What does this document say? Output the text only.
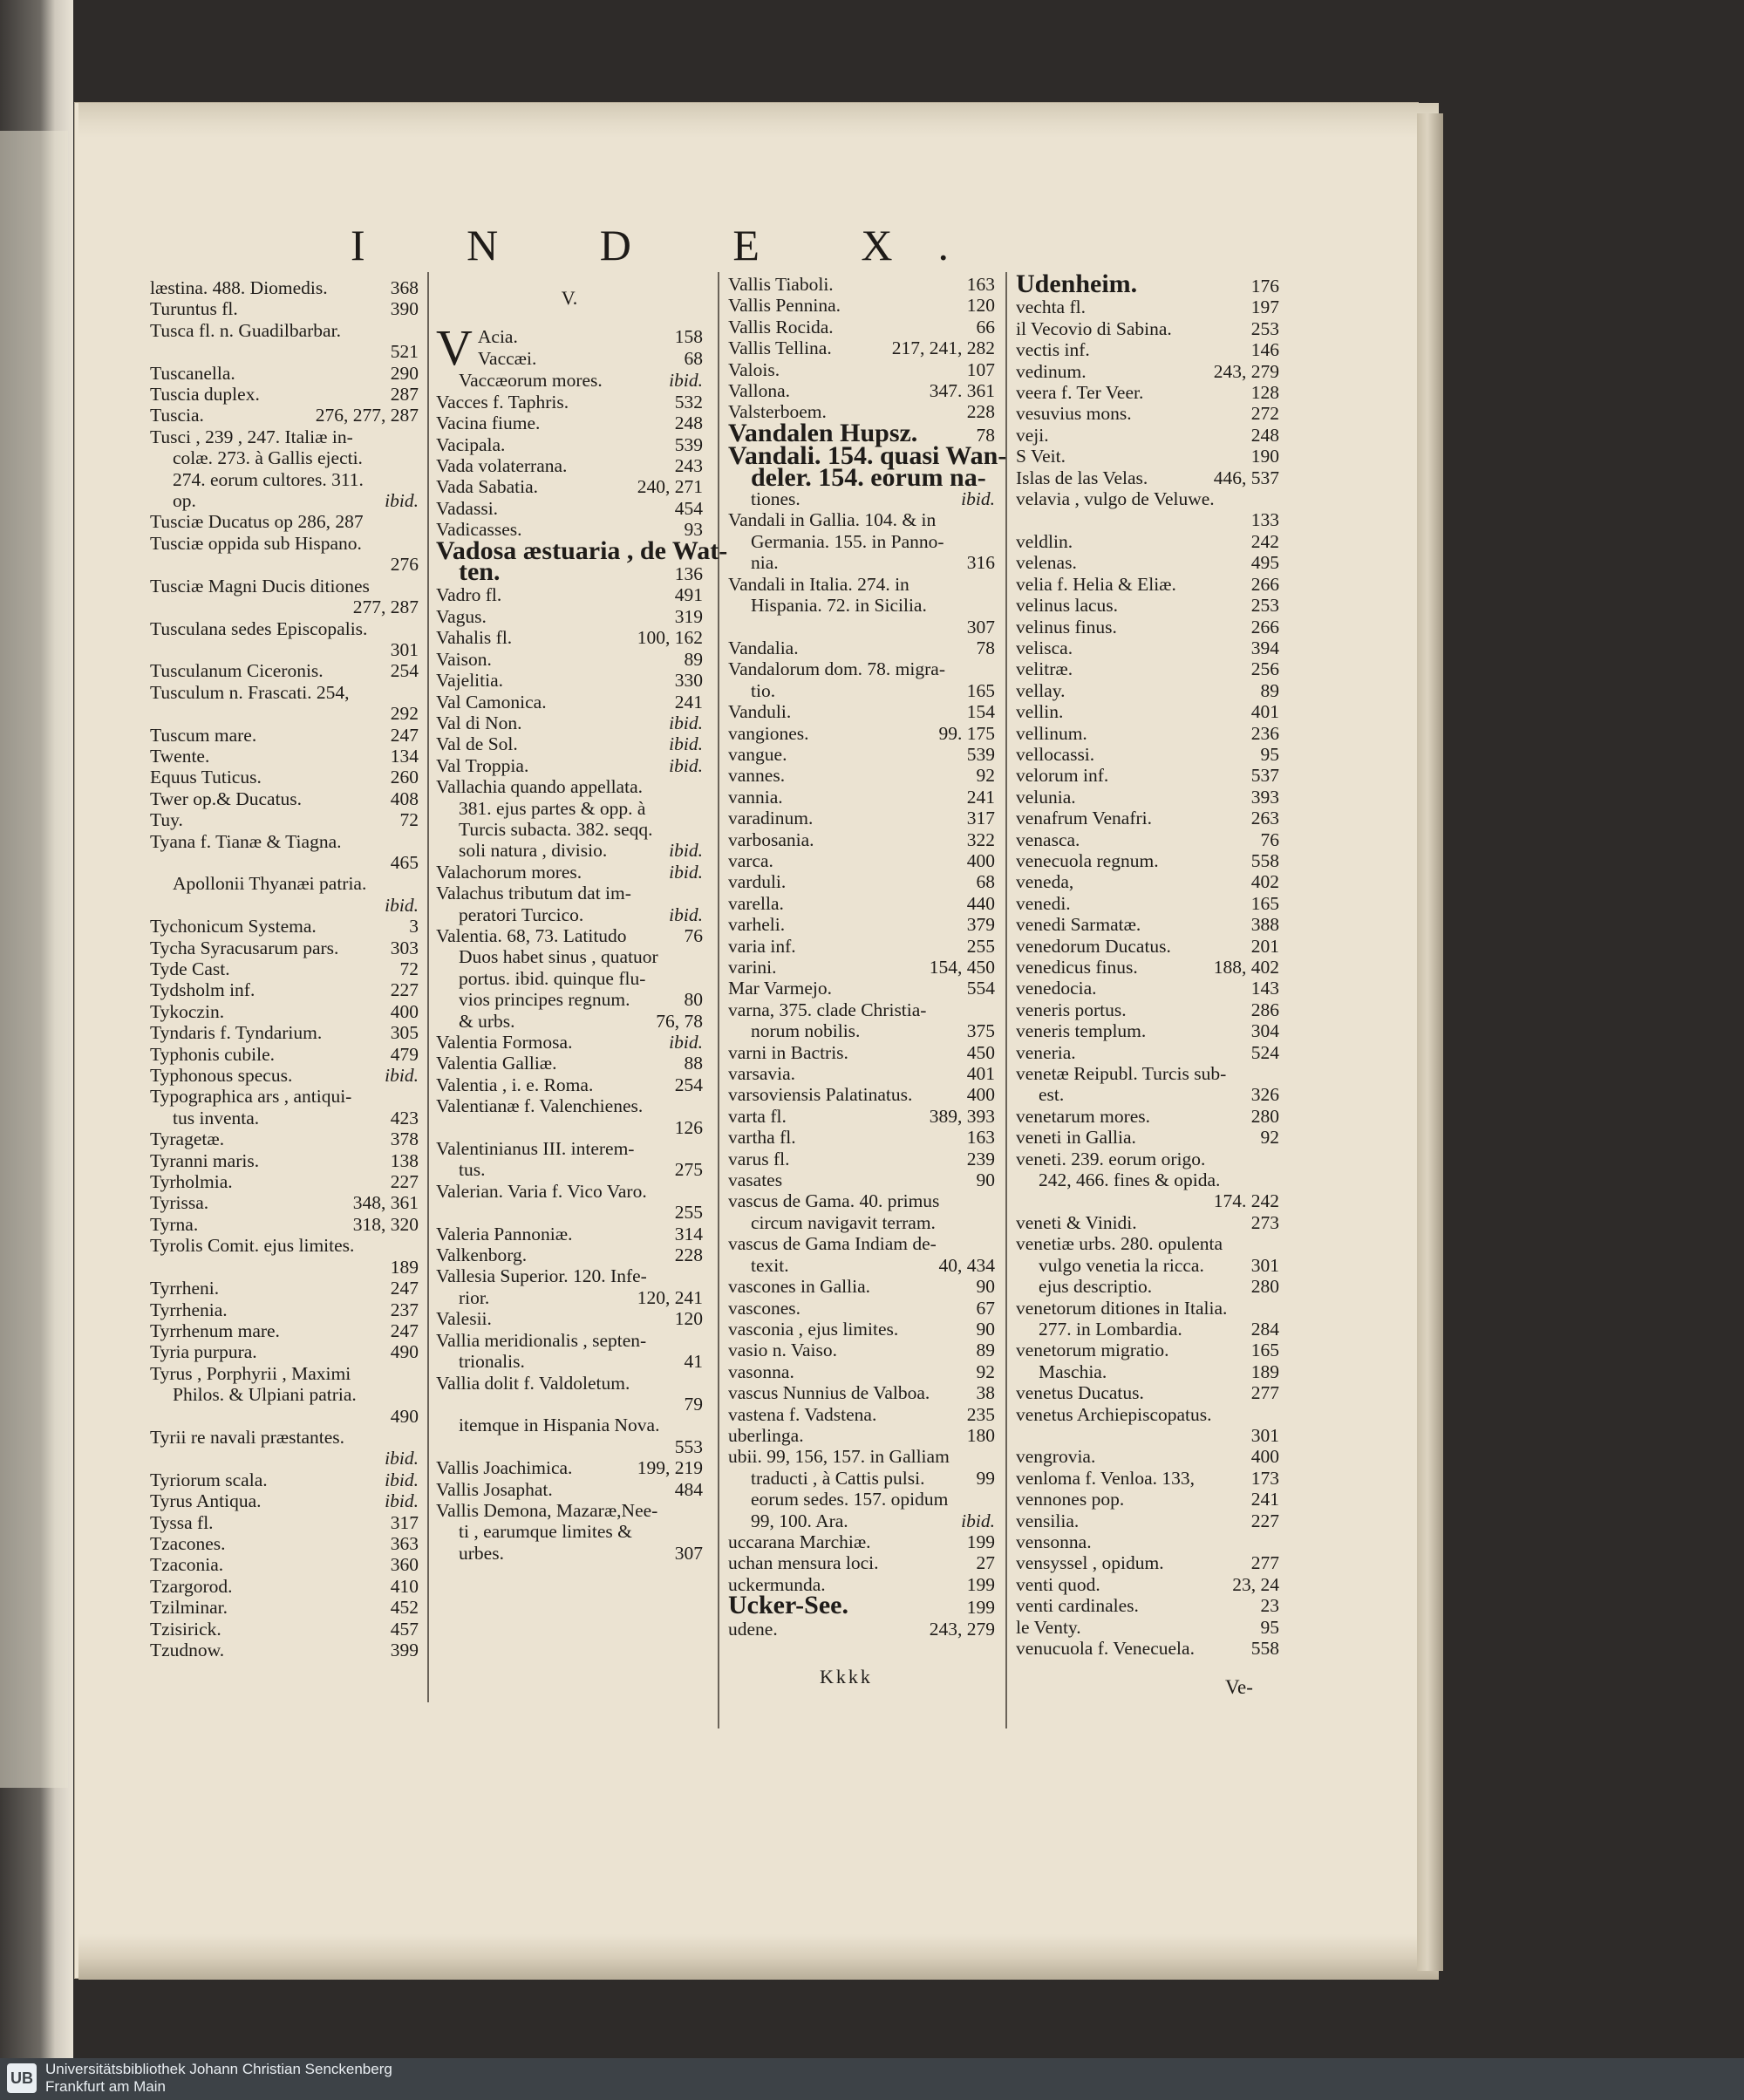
I N D E X.
læstina. 488. Diomedis.	368
Turuntus fl.	390
Tusca fl. n. Guadilbarbar.
521
Tuscanella.	290
Tuscia duplex.	287
Tuscia.	276, 277, 287
Tusci , 239 , 247. Italiæ in-
colæ. 273. à Gallis ejecti.
274. eorum cultores. 311.
op.	ibid.
Tusciæ Ducatus op 286, 287
Tusciæ oppida sub Hispano.
276
Tusciæ Magni Ducis ditiones
277, 287
Tusculana sedes Episcopalis.
301
Tusculanum Ciceronis.	254
Tusculum n. Frascati. 254,
292
Tuscum mare.	247
Twente.	134
Equus Tuticus.	260
Twer op.& Ducatus.	408
Tuy.	72
Tyana f. Tianæ & Tiagna.
465
Apollonii Thyanæi patria.
ibid.
Tychonicum Systema.	3
Tycha Syracusarum pars.	303
Tyde Cast.	72
Tydsholm inf.	227
Tykoczin.	400
Tyndaris f. Tyndarium.	305
Typhonis cubile.	479
Typhonous specus.	ibid.
Typographica ars , antiqui-
tus inventa.	423
Tyragetæ.	378
Tyranni maris.	138
Tyrholmia.	227
Tyrissa.	348, 361
Tyrna.	318, 320
Tyrolis Comit. ejus limites.
189
Tyrrheni.	247
Tyrrhenia.	237
Tyrrhenum mare.	247
Tyria purpura.	490
Tyrus , Porphyrii , Maximi
Philos. & Ulpiani patria.
490
Tyrii re navali præstantes.
ibid.
Tyriorum scala.	ibid.
Tyrus Antiqua.	ibid.
Tyssa fl.	317
Tzacones.	363
Tzaconia.	360
Tzargorod.	410
Tzilminar.	452
Tzisirick.	457
Tzudnow.	399
V.
V Acia.	158
Vaccæi.	68
Vaccæorum mores.	ibid.
Vacces f. Taphris.	532
Vacina fiume.	248
Vacipala.	539
Vada volaterrana.	243
Vada Sabatia.	240, 271
Vadassi.	454
Vadicasses.	93
Vadosa æstuaria , de Wat-
ten.	136
Vadro fl.	491
Vagus.	319
Vahalis fl.	100, 162
Vaison.	89
Vajelitia.	330
Val Camonica.	241
Val di Non.	ibid.
Val de Sol.	ibid.
Val Troppia.	ibid.
Vallachia quando appellata.
381. ejus partes & opp. à
Turcis subacta. 382. seqq.
soli natura , divisio.	ibid.
Valachorum mores.	ibid.
Valachus tributum dat im-
peratori Turcico.	ibid.
Valentia. 68, 73. Latitudo	76
Duos habet sinus , quatuor
portus. ibid. quinque flu-
vios principes regnum.	80
& urbs.	76, 78
Valentia Formosa.	ibid.
Valentia Galliæ.	88
Valentia , i. e. Roma.	254
Valentianæ f. Valenchienes.
126
Valentinianus III. interem-
tus.	275
Valerian. Varia f. Vico Varo.
255
Valeria Pannoniæ.	314
Valkenborg.	228
Vallesia Superior. 120. Infe-
rior.	120, 241
Valesii.	120
Vallia meridionalis , septen-
trionalis.	41
Vallia dolit f. Valdoletum.
79
itemque in Hispania Nova.
553
Vallis Joachimica.	199, 219
Vallis Josaphat.	484
Vallis Demona, Mazaræ,Nee-
ti , earumque limites &
urbes.	307
Vallis Tiaboli.	163
Vallis Pennina.	120
Vallis Rocida.	66
Vallis Tellina.	217, 241, 282
Valois.	107
Vallona.	347. 361
Valsterboem.	228
Vandalen Hupsz.	78
Vandali. 154. quasi Wan-
deler. 154. eorum na-
tiones.	ibid.
Vandali in Gallia. 104. & in
Germania. 155. in Panno-
nia.	316
Vandali in Italia. 274. in
Hispania. 72. in Sicilia.
307
Vandalia.	78
Vandalorum dom. 78. migra-
tio.	165
Vanduli.	154
vangiones.	99. 175
vangue.	539
vannes.	92
vannia.	241
varadinum.	317
varbosania.	322
varca.	400
varduli.	68
varella.	440
varheli.	379
varia inf.	255
varini.	154, 450
Mar Varmejo.	554
varna, 375. clade Christia-
norum nobilis.	375
varni in Bactris.	450
varsavia.	401
varsoviensis Palatinatus.	400
varta fl.	389, 393
vartha fl.	163
varus fl.	239
vasates	90
vascus de Gama. 40. primus
circum navigavit terram.
vascus de Gama Indiam de-
texit.	40, 434
vascones in Gallia.	90
vascones.	67
vasconia , ejus limites.	90
vasio n. Vaiso.	89
vasonna.	92
vascus Nunnius de Valboa. 38
vastena f. Vadstena.	235
uberlinga.	180
ubii. 99, 156, 157. in Galliam
traducti , à Cattis pulsi.	99
eorum sedes. 157. opidum
99, 100. Ara.	ibid.
uccarana Marchiæ.	199
uchan mensura loci.	27
uckermunda.	199
Ucker-See.	199
udene.	243, 279
Udenheim.	176
vechta fl.	197
il Vecovio di Sabina.	253
vectis inf.	146
vedinum.	243, 279
veera f. Ter Veer.	128
vesuvius mons.	272
veji.	248
S Veit.	190
Islas de las Velas.	446, 537
velavia , vulgo de Veluwe.
133
veldlin.	242
velenas.	495
velia f. Helia & Eliæ.	266
velinus lacus.	253
velinus finus.	266
velisca.	394
velitræ.	256
vellay.	89
vellin.	401
vellinum.	236
vellocassi.	95
velorum inf.	537
velunia.	393
venafrum Venafri.	263
venasca.	76
venecuola regnum.	558
veneda,	402
venedi.	165
venedi Sarmatæ.	388
venedorum Ducatus.	201
venedicus finus.	188, 402
venedocia.	143
veneris portus.	286
veneris templum.	304
veneria.	524
venetæ Reipubl. Turcis sub-
est.	326
venetarum mores.	280
veneti in Gallia.	92
veneti. 239. eorum origo.
242, 466. fines & opida.
174. 242
veneti & Vinidi.	273
venetiæ urbs. 280. opulenta
vulgo venetia la ricca.	301
ejus descriptio.	280
venetorum ditiones in Italia.
277. in Lombardia.	284
venetorum migratio.	165
Maschia.	189
venetus Ducatus.	277
venetus Archiepiscopatus.
301
vengrovia.	400
venloma f. Venloa. 133,	173
vennones pop.	241
vensilia.	227
vensonna.
vensyssel , opidum.	277
venti quod.	23, 24
venti cardinales.	23
le Venty.	95
venucuola f. Venecuela.	558
Kkkk	Ve-
UB
Universitätsbibliothek Johann Christian Senckenberg
Frankfurt am Main
